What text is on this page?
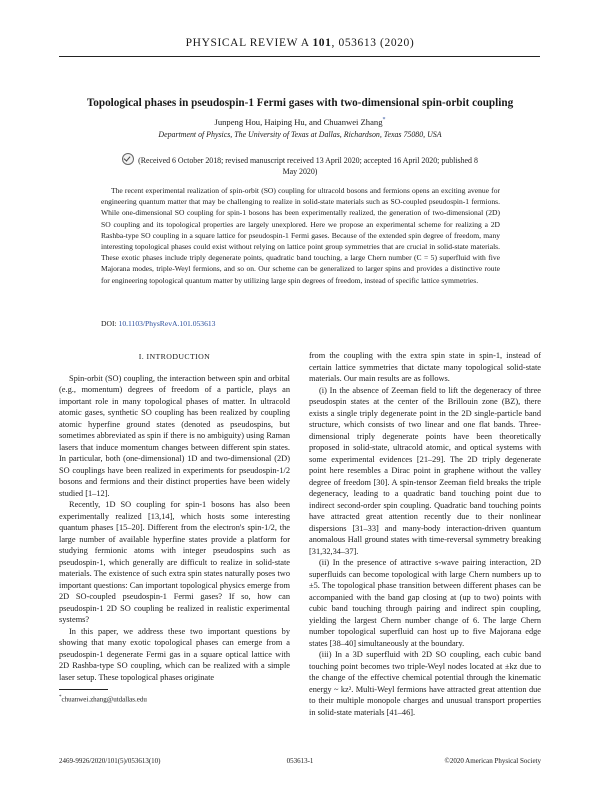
PHYSICAL REVIEW A 101, 053613 (2020)
Topological phases in pseudospin-1 Fermi gases with two-dimensional spin-orbit coupling
Junpeng Hou, Haiping Hu, and Chuanwei Zhang*
Department of Physics, The University of Texas at Dallas, Richardson, Texas 75080, USA
(Received 6 October 2018; revised manuscript received 13 April 2020; accepted 16 April 2020; published 8 May 2020)
The recent experimental realization of spin-orbit (SO) coupling for ultracold bosons and fermions opens an exciting avenue for engineering quantum matter that may be challenging to realize in solid-state materials such as SO-coupled pseudospin-1 fermions. While one-dimensional SO coupling for spin-1 bosons has been experimentally realized, the generation of two-dimensional (2D) SO coupling and its topological properties are largely unexplored. Here we propose an experimental scheme for realizing a 2D Rashba-type SO coupling in a square lattice for pseudospin-1 Fermi gases. Because of the extended spin degree of freedom, many interesting topological phases could exist without relying on lattice point group symmetries that are crucial in solid-state materials. These exotic phases include triply degenerate points, quadratic band touching, a large Chern number (C = 5) superfluid with five Majorana modes, triple-Weyl fermions, and so on. Our scheme can be generalized to larger spins and provides a distinctive route for engineering topological quantum matter by utilizing large spin degrees of freedom, instead of specific lattice symmetries.
DOI: 10.1103/PhysRevA.101.053613

I. INTRODUCTION

Spin-orbit (SO) coupling, the interaction between spin and orbital (e.g., momentum) degrees of freedom of a particle, plays an important role in many topological phases of matter. In ultracold atomic gases, synthetic SO coupling has been realized by coupling atomic hyperfine ground states (denoted as pseudospins, but sometimes abbreviated as spin if there is no ambiguity) using Raman lasers that induce momentum changes between different spin states. In particular, both (one-dimensional) 1D and two-dimensional (2D) SO couplings have been realized in experiments for pseudospin-1/2 bosons and fermions and their distinct properties have been widely studied [1–12].

Recently, 1D SO coupling for spin-1 bosons has also been experimentally realized [13,14], which hosts some interesting quantum phases [15–20]. Different from the electron's spin-1/2, the large number of available hyperfine states provide a platform for studying fermionic atoms with integer pseudospins such as pseudospin-1, which generally are difficult to realize in solid-state materials. The existence of such extra spin states naturally poses two important questions: Can important topological physics emerge from 2D SO-coupled pseudospin-1 Fermi gases? If so, how can pseudospin-1 2D SO coupling be realized in realistic experimental systems?

In this paper, we address these two important questions by showing that many exotic topological phases can emerge from a pseudospin-1 degenerate Fermi gas in a square optical lattice with 2D Rashba-type SO coupling, which can be realized with a simple laser setup. These topological phases originate

from the coupling with the extra spin state in spin-1, instead of certain lattice symmetries that dictate many topological solid-state materials. Our main results are as follows.

(i) In the absence of Zeeman field to lift the degeneracy of three pseudospin states at the center of the Brillouin zone (BZ), there exists a single triply degenerate point in the 2D single-particle band structure, which consists of two linear and one flat bands. Three-dimensional triply degenerate points have been theoretically proposed in solid-state, ultracold atomic, and optical systems with some experimental evidences [21–29]. The 2D triply degenerate point here resembles a Dirac point in graphene without the valley degree of freedom [30]. A spin-tensor Zeeman field breaks the triple degeneracy, leading to a quadratic band touching point due to indirect second-order spin coupling. Quadratic band touching points have attracted great attention recently due to their nonlinear dispersions [31–33] and many-body interaction-driven quantum anomalous Hall ground states with time-reversal symmetry breaking [31,32,34–37].

(ii) In the presence of attractive s-wave pairing interaction, 2D superfluids can become topological with large Chern numbers up to ±5. The topological phase transition between different phases can be accompanied with the band gap closing at (up to two) points with cubic band touching through pairing and indirect spin coupling, yielding the largest Chern number change of 6. The large Chern number topological superfluid can host up to five Majorana edge states [38–40] simultaneously at the boundary.

(iii) In a 3D superfluid with 2D SO coupling, each cubic band touching point becomes two triple-Weyl nodes located at ±kz due to the change of the effective chemical potential through the kinematic energy ~ kz². Multi-Weyl fermions have attracted great attention due to their multiple monopole charges and unusual transport properties in solid-state materials [41–46].

*chuanwei.zhang@utdallas.edu
2469-9926/2020/101(5)/053613(10)	053613-1	©2020 American Physical Society
